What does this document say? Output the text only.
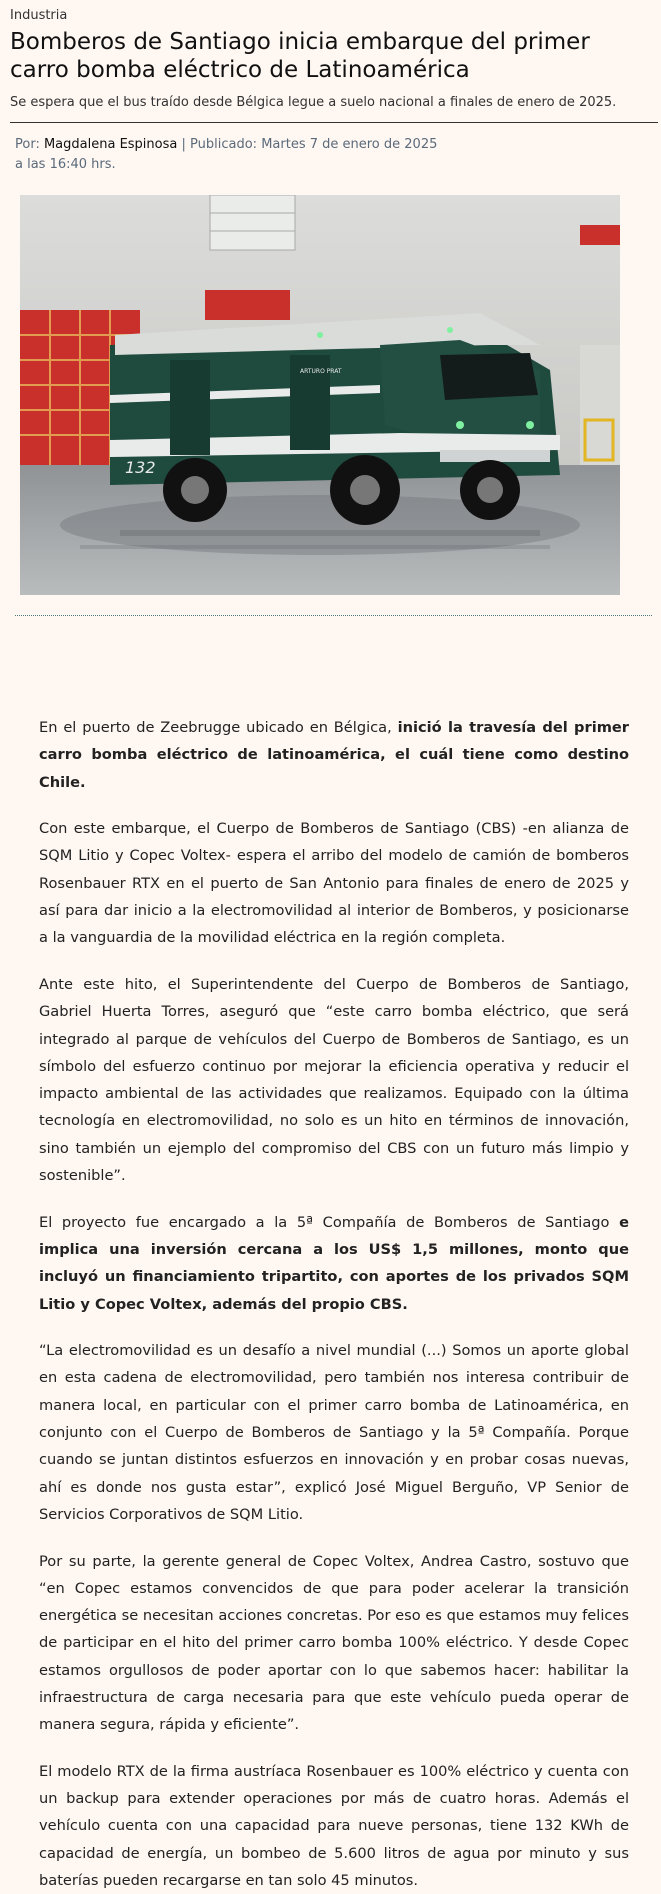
Industria
Bomberos de Santiago inicia embarque del primer carro bomba eléctrico de Latinoamérica
Se espera que el bus traído desde Bélgica legue a suelo nacional a finales de enero de 2025.
Por: Magdalena Espinosa | Publicado: Martes 7 de enero de 2025 a las 16:40 hrs.
132
ARTURO PRAT

En el puerto de Zeebrugge ubicado en Bélgica, inició la travesía del primer carro bomba eléctrico de latinoamérica, el cuál tiene como destino Chile.

Con este embarque, el Cuerpo de Bomberos de Santiago (CBS) -en alianza de SQM Litio y Copec Voltex- espera el arribo del modelo de camión de bomberos Rosenbauer RTX en el puerto de San Antonio para finales de enero de 2025 y así para dar inicio a la electromovilidad al interior de Bomberos, y posicionarse a la vanguardia de la movilidad eléctrica en la región completa.

Ante este hito, el Superintendente del Cuerpo de Bomberos de Santiago, Gabriel Huerta Torres, aseguró que “este carro bomba eléctrico, que será integrado al parque de vehículos del Cuerpo de Bomberos de Santiago, es un símbolo del esfuerzo continuo por mejorar la eficiencia operativa y reducir el impacto ambiental de las actividades que realizamos. Equipado con la última tecnología en electromovilidad, no solo es un hito en términos de innovación, sino también un ejemplo del compromiso del CBS con un futuro más limpio y sostenible”.

El proyecto fue encargado a la 5ª Compañía de Bomberos de Santiago e implica una inversión cercana a los US$ 1,5 millones, monto que incluyó un financiamiento tripartito, con aportes de los privados SQM Litio y Copec Voltex, además del propio CBS.

“La electromovilidad es un desafío a nivel mundial (...) Somos un aporte global en esta cadena de electromovilidad, pero también nos interesa contribuir de manera local, en particular con el primer carro bomba de Latinoamérica, en conjunto con el Cuerpo de Bomberos de Santiago y la 5ª Compañía. Porque cuando se juntan distintos esfuerzos en innovación y en probar cosas nuevas, ahí es donde nos gusta estar”, explicó José Miguel Berguño, VP Senior de Servicios Corporativos de SQM Litio.

Por su parte, la gerente general de Copec Voltex, Andrea Castro, sostuvo que “en Copec estamos convencidos de que para poder acelerar la transición energética se necesitan acciones concretas. Por eso es que estamos muy felices de participar en el hito del primer carro bomba 100% eléctrico. Y desde Copec estamos orgullosos de poder aportar con lo que sabemos hacer: habilitar la infraestructura de carga necesaria para que este vehículo pueda operar de manera segura, rápida y eficiente”.

El modelo RTX de la firma austríaca Rosenbauer es 100% eléctrico y cuenta con un backup para extender operaciones por más de cuatro horas. Además el vehículo cuenta con una capacidad para nueve personas, tiene 132 KWh de capacidad de energía, un bombeo de 5.600 litros de agua por minuto y sus baterías pueden recargarse en tan solo 45 minutos.
